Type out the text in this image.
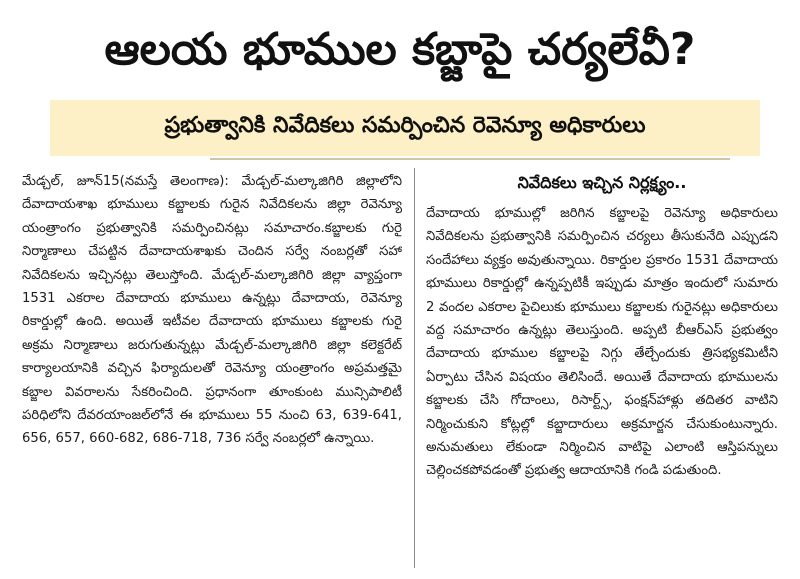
ఆలయ భూముల కబ్జాపై చర్యలేవీ?
ప్రభుత్వానికి నివేదికలు సమర్పించిన రెవెన్యూ అధికారులు

మేడ్చల్, జూన్15(నమస్తే తెలంగాణ): మేడ్చల్-మల్కాజిగిరి జిల్లాలోని దేవాదాయశాఖ భూములు కబ్జాలకు గురైన నివేదికలను జిల్లా రెవెన్యూ యంత్రాంగం ప్రభుత్వానికి సమర్పించినట్లు సమాచారం.కబ్జాలకు గురై నిర్మాణాలు చేపట్టిన దేవాదాయశాఖకు చెందిన సర్వే నంబర్లతో సహా నివేదికలను ఇచ్చినట్లు తెలుస్తోంది. మేడ్చల్-మల్కాజిగిరి జిల్లా వ్యాప్తంగా 1531 ఎకరాల దేవాదాయ భూములు ఉన్నట్లు దేవాదాయ, రెవెన్యూ రికార్డుల్లో ఉంది. అయితే ఇటీవల దేవాదాయ భూములు కబ్జాలకు గురై అక్రమ నిర్మాణాలు జరుగుతున్నట్లు మేడ్చల్-మల్కాజిగిరి జిల్లా కలెక్టరేట్ కార్యాలయానికి వచ్చిన ఫిర్యాదులతో రెవెన్యూ యంత్రాంగం అప్రమత్తమై కబ్జాల వివరాలను సేకరించింది. ప్రధానంగా తూంకుంట మున్సిపాలిటీ పరిధిలోని దేవరయాంజల్‌లోనే ఈ భూములు 55 నుంచి 63, 639-641, 656, 657, 660-682, 686-718, 736 సర్వే నంబర్లలో ఉన్నాయి.

నివేదికలు ఇచ్చిన నిర్లక్ష్యం..

దేవాదాయ భూముల్లో జరిగిన కబ్జాలపై రెవెన్యూ అధికారులు నివేదికలను ప్రభుత్వానికి సమర్పించిన చర్యలు తీసుకునేది ఎప్పుడని సందేహాలు వ్యక్తం అవుతున్నాయి. రికార్డుల ప్రకారం 1531 దేవాదాయ భూములు రికార్డుల్లో ఉన్నప్పటికీ ఇప్పుడు మాత్రం ఇందులో సుమారు 2 వందల ఎకరాల పైచిలుకు భూములు కబ్జాలకు గురైనట్లు అధికారులు వద్ద సమాచారం ఉన్నట్లు తెలుస్తుంది. అప్పటి బీఆర్ఎస్ ప్రభుత్వం దేవాదాయ భూముల కబ్జాలపై నిగ్గు తేల్చేందుకు త్రిసభ్యకమిటీని ఏర్పాటు చేసిన విషయం తెలిసిందే. అయితే దేవాదాయ భూములను కబ్జాలకు చేసి గోదాంలు, రిసార్ట్స్, ఫంక్షన్‌హాళ్లు తదితర వాటిని నిర్మించుకుని కోట్లల్లో కబ్జాదారులు అక్రమార్జన చేసుకుంటున్నారు. అనుమతులు లేకుండా నిర్మించిన వాటిపై ఎలాంటి ఆస్తిపన్నులు చెల్లించకపోవడంతో ప్రభుత్వ ఆదాయానికి గండి పడుతుంది.
